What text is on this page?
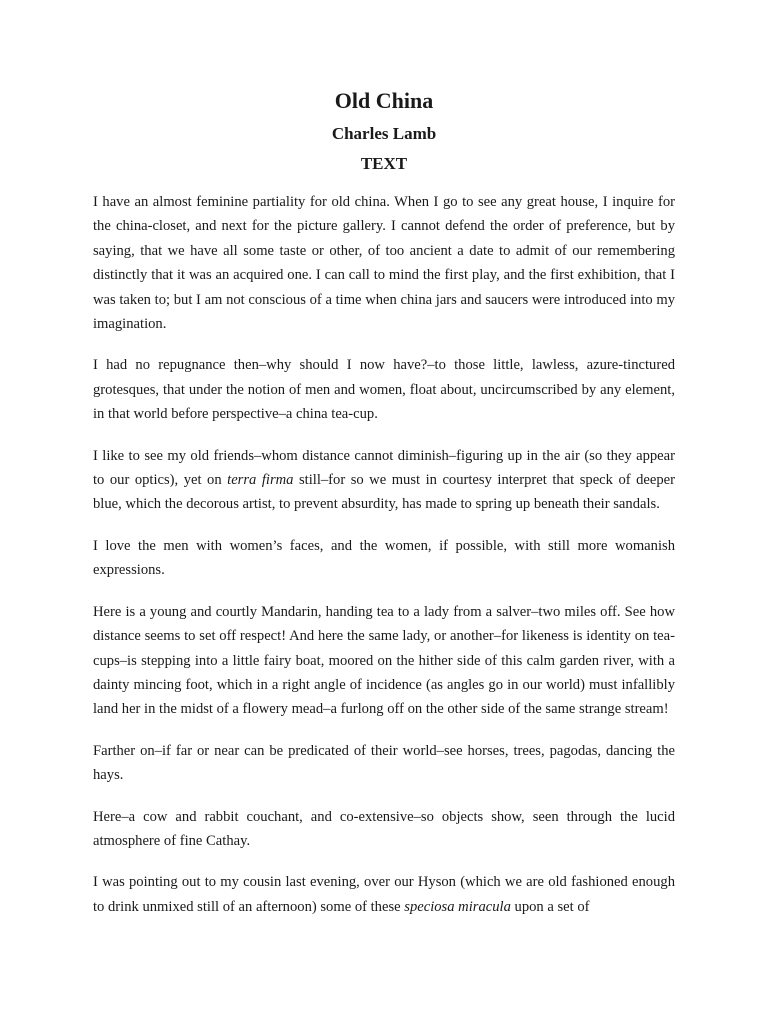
Old China
Charles Lamb
TEXT

I have an almost feminine partiality for old china. When I go to see any great house, I inquire for the china-closet, and next for the picture gallery. I cannot defend the order of preference, but by saying, that we have all some taste or other, of too ancient a date to admit of our remembering distinctly that it was an acquired one. I can call to mind the first play, and the first exhibition, that I was taken to; but I am not conscious of a time when china jars and saucers were introduced into my imagination.

I had no repugnance then–why should I now have?–to those little, lawless, azure-tinctured grotesques, that under the notion of men and women, float about, uncircumscribed by any element, in that world before perspective–a china tea-cup.

I like to see my old friends–whom distance cannot diminish–figuring up in the air (so they appear to our optics), yet on terra firma still–for so we must in courtesy interpret that speck of deeper blue, which the decorous artist, to prevent absurdity, has made to spring up beneath their sandals.

I love the men with women’s faces, and the women, if possible, with still more womanish expressions.

Here is a young and courtly Mandarin, handing tea to a lady from a salver–two miles off. See how distance seems to set off respect! And here the same lady, or another–for likeness is identity on tea-cups–is stepping into a little fairy boat, moored on the hither side of this calm garden river, with a dainty mincing foot, which in a right angle of incidence (as angles go in our world) must infallibly land her in the midst of a flowery mead–a furlong off on the other side of the same strange stream!

Farther on–if far or near can be predicated of their world–see horses, trees, pagodas, dancing the hays.

Here–a cow and rabbit couchant, and co-extensive–so objects show, seen through the lucid atmosphere of fine Cathay.

I was pointing out to my cousin last evening, over our Hyson (which we are old fashioned enough to drink unmixed still of an afternoon) some of these speciosa miracula upon a set of
